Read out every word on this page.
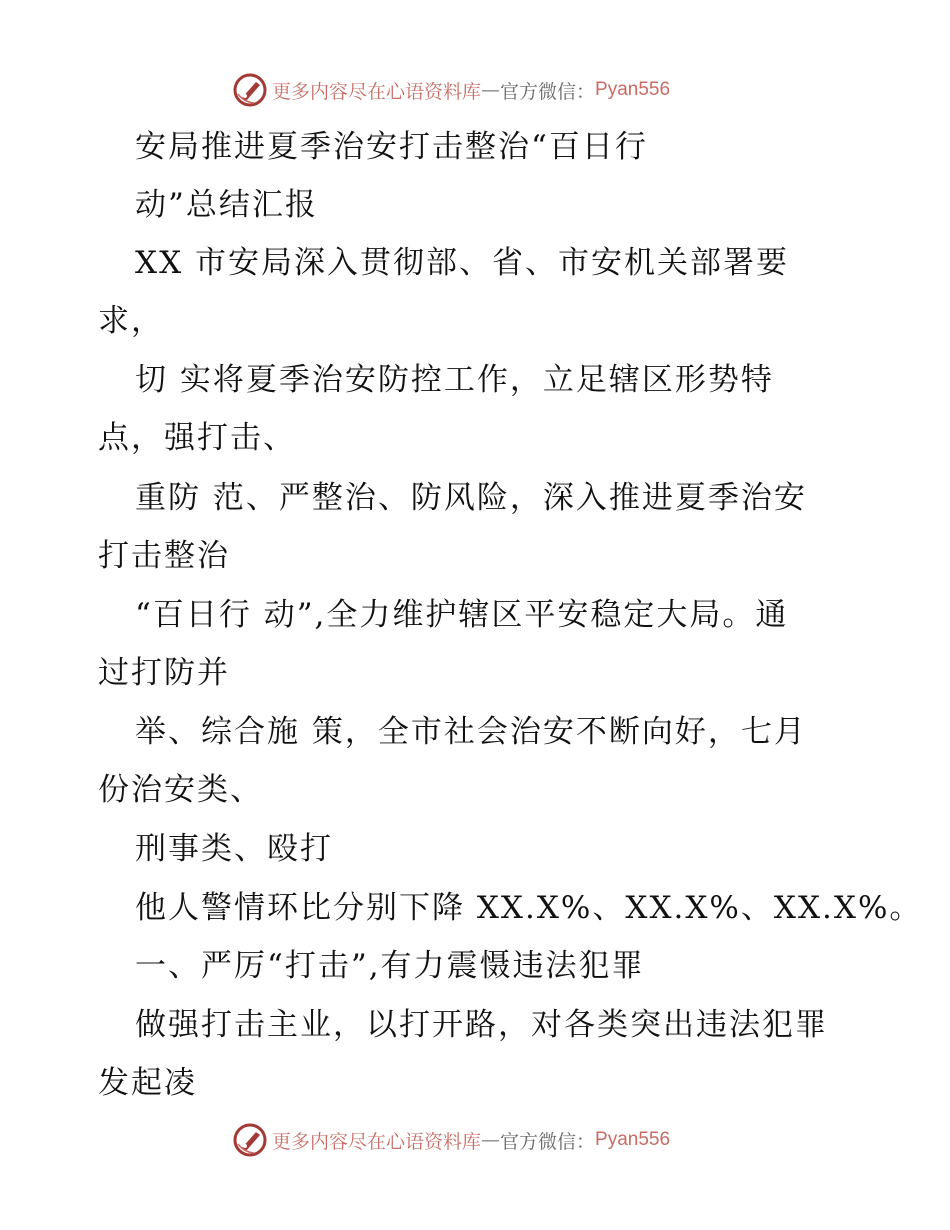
更多内容尽在心语资料库 — 官方微信： Pyan556
安局推进夏季治安打击整治“百日行
动”总结汇报
XX 市安局深入贯彻部、省、市安机关部署要
求，
切 实将夏季治安防控工作，立足辖区形势特
点，强打击、
重防 范、严整治、防风险，深入推进夏季治安
打击整治
“百日行 动”,全力维护辖区平安稳定大局。通
过打防并
举、综合施 策，全市社会治安不断向好，七月
份治安类、
刑事类、殴打
他人警情环比分别下降 XX.X%、XX.X%、XX.X%。
一、严厉“打击”,有力震慑违法犯罪
做强打击主业，以打开路，对各类突出违法犯罪
发起凌
更多内容尽在心语资料库 — 官方微信： Pyan556
